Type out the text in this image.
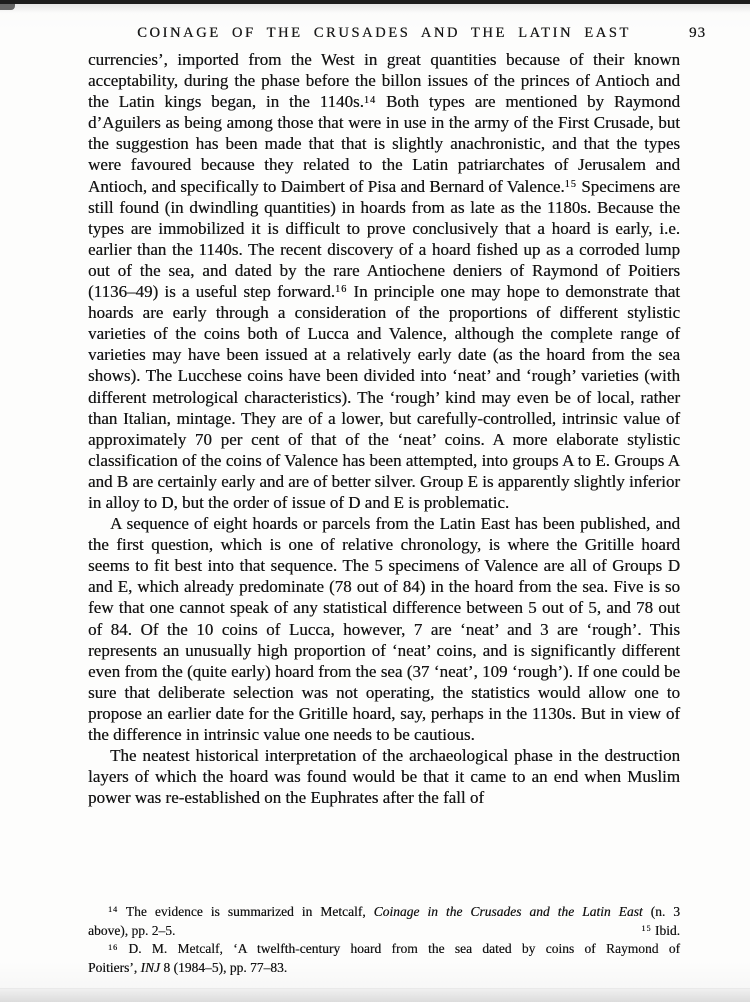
COINAGE OF THE CRUSADES AND THE LATIN EAST	93

currencies’, imported from the West in great quantities because of their known acceptability, during the phase before the billon issues of the princes of Antioch and the Latin kings began, in the 1140s.$^{14}$ Both types are mentioned by Raymond d’Aguilers as being among those that were in use in the army of the First Crusade, but the suggestion has been made that that is slightly anachronistic, and that the types were favoured because they related to the Latin patriarchates of Jerusalem and Antioch, and specifically to Daimbert of Pisa and Bernard of Valence.$^{15}$ Specimens are still found (in dwindling quantities) in hoards from as late as the 1180s. Because the types are immobilized it is difficult to prove conclusively that a hoard is early, i.e. earlier than the 1140s. The recent discovery of a hoard fished up as a corroded lump out of the sea, and dated by the rare Antiochene deniers of Raymond of Poitiers (1136–49) is a useful step forward.$^{16}$ In principle one may hope to demonstrate that hoards are early through a consideration of the proportions of different stylistic varieties of the coins both of Lucca and Valence, although the complete range of varieties may have been issued at a relatively early date (as the hoard from the sea shows). The Lucchese coins have been divided into ‘neat’ and ‘rough’ varieties (with different metrological characteristics). The ‘rough’ kind may even be of local, rather than Italian, mintage. They are of a lower, but carefully-controlled, intrinsic value of approximately 70 per cent of that of the ‘neat’ coins. A more elaborate stylistic classification of the coins of Valence has been attempted, into groups A to E. Groups A and B are certainly early and are of better silver. Group E is apparently slightly inferior in alloy to D, but the order of issue of D and E is problematic.

A sequence of eight hoards or parcels from the Latin East has been published, and the first question, which is one of relative chronology, is where the Gritille hoard seems to fit best into that sequence. The 5 specimens of Valence are all of Groups D and E, which already predominate (78 out of 84) in the hoard from the sea. Five is so few that one cannot speak of any statistical difference between 5 out of 5, and 78 out of 84. Of the 10 coins of Lucca, however, 7 are ‘neat’ and 3 are ‘rough’. This represents an unusually high proportion of ‘neat’ coins, and is significantly different even from the (quite early) hoard from the sea (37 ‘neat’, 109 ‘rough’). If one could be sure that deliberate selection was not operating, the statistics would allow one to propose an earlier date for the Gritille hoard, say, perhaps in the 1130s. But in view of the difference in intrinsic value one needs to be cautious.

The neatest historical interpretation of the archaeological phase in the destruction layers of which the hoard was found would be that it came to an end when Muslim power was re-established on the Euphrates after the fall of

$^{14}$ The evidence is summarized in Metcalf, Coinage in the Crusades and the Latin East (n. 3
above), pp. 2–5.	$^{15}$ Ibid.
$^{16}$ D. M. Metcalf, ‘A twelfth-century hoard from the sea dated by coins of Raymond of
Poitiers’, INJ 8 (1984–5), pp. 77–83.
